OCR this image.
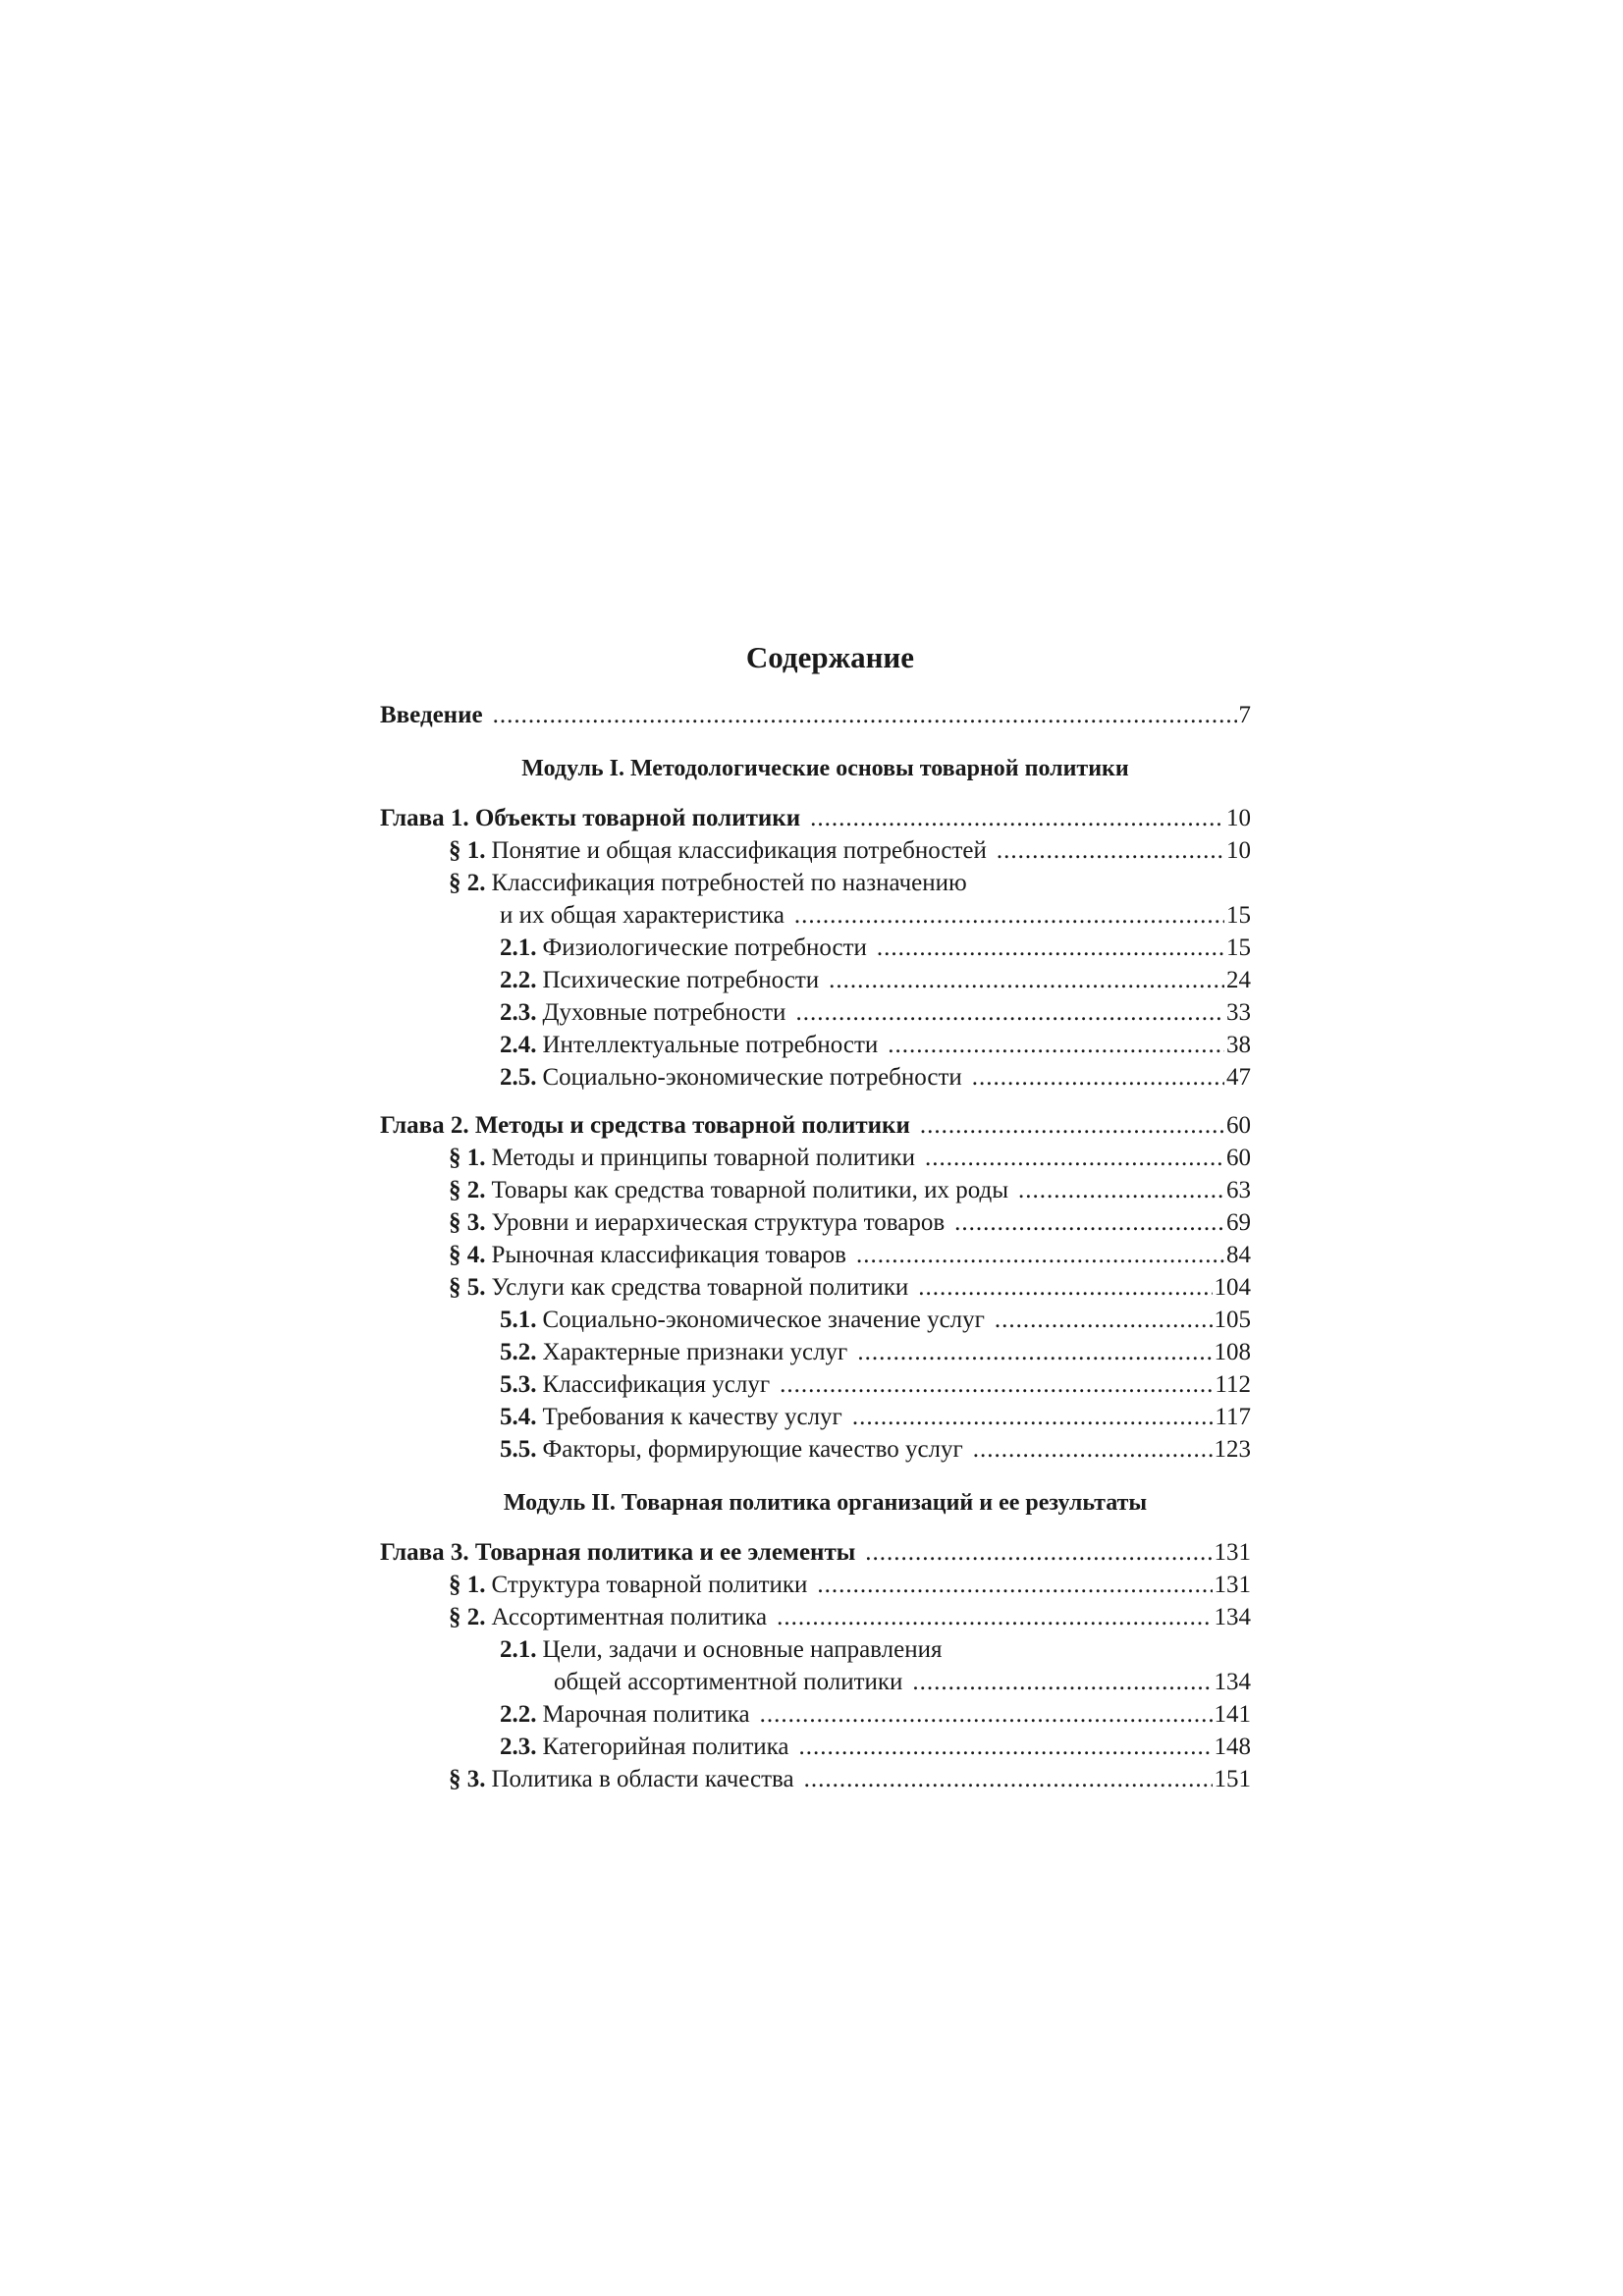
Содержание
Введение .....	7
Модуль I. Методологические основы товарной политики
Глава 1. Объекты товарной политики .....	10
§ 1. Понятие и общая классификация потребностей .....	10
§ 2. Классификация потребностей по назначению
и их общая характеристика .....	15
2.1. Физиологические потребности .....	15
2.2. Психические потребности .....	24
2.3. Духовные потребности .....	33
2.4. Интеллектуальные потребности .....	38
2.5. Социально-экономические потребности .....	47
Глава 2. Методы и средства товарной политики .....	60
§ 1. Методы и принципы товарной политики .....	60
§ 2. Товары как средства товарной политики, их роды .....	63
§ 3. Уровни и иерархическая структура товаров .....	69
§ 4. Рыночная классификация товаров .....	84
§ 5. Услуги как средства товарной политики .....	104
5.1. Социально-экономическое значение услуг .....	105
5.2. Характерные признаки услуг .....	108
5.3. Классификация услуг .....	112
5.4. Требования к качеству услуг .....	117
5.5. Факторы, формирующие качество услуг .....	123
Модуль II. Товарная политика организаций и ее результаты
Глава 3. Товарная политика и ее элементы .....	131
§ 1. Структура товарной политики .....	131
§ 2. Ассортиментная политика .....	134
2.1. Цели, задачи и основные направления
общей ассортиментной политики .....	134
2.2. Марочная политика .....	141
2.3. Категорийная политика .....	148
§ 3. Политика в области качества .....	151
